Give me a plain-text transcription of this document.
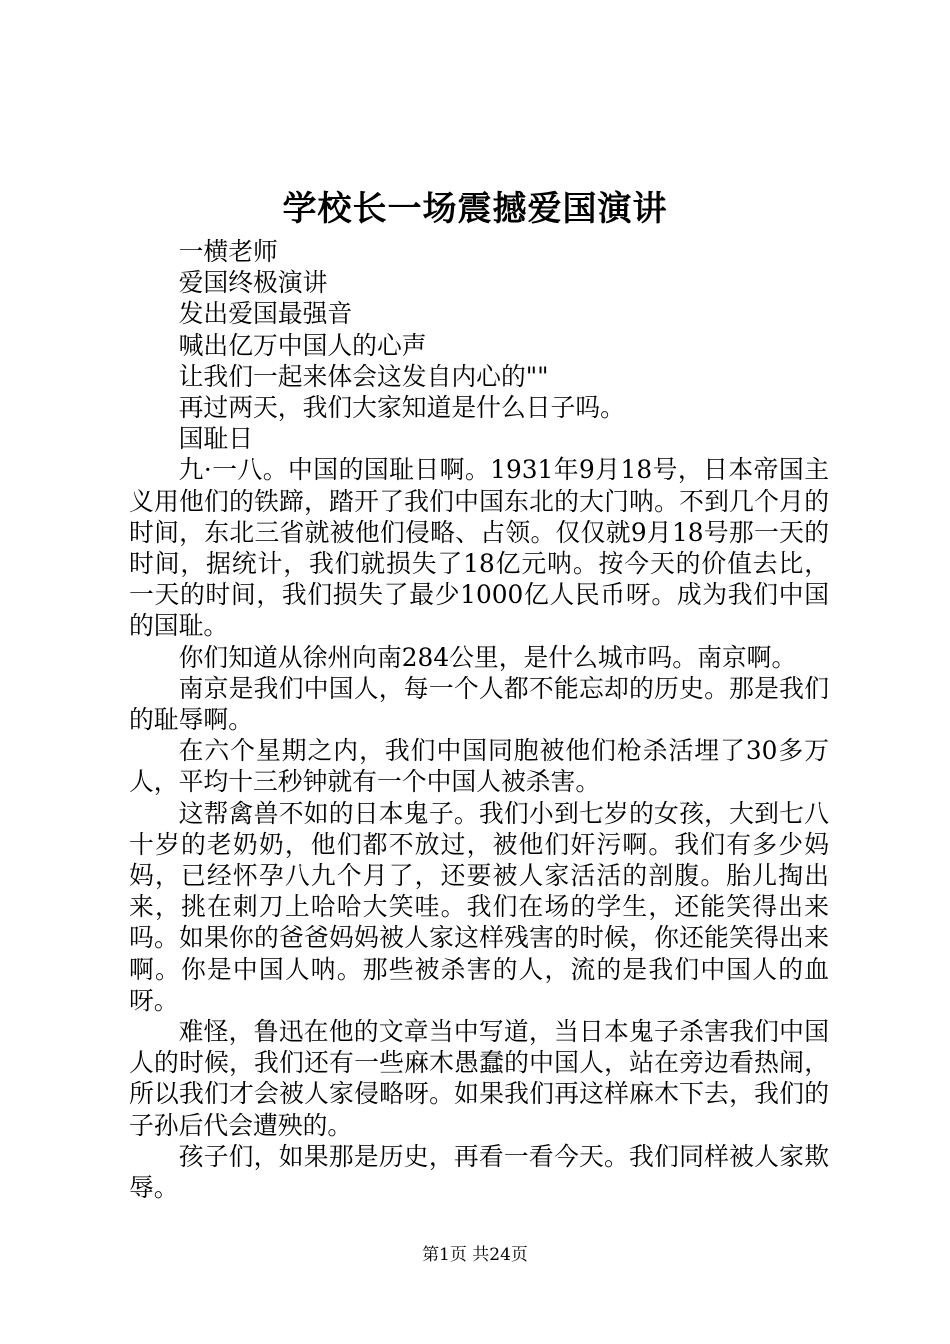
学校长一场震撼爱国演讲

一横老师

爱国终极演讲

发出爱国最强音

喊出亿万中国人的心声

让我们一起来体会这发自内心的""

再过两天，我们大家知道是什么日子吗。

国耻日

九·一八。中国的国耻日啊。1931年9月18号，日本帝国主义用他们的铁蹄，踏开了我们中国东北的大门呐。不到几个月的时间，东北三省就被他们侵略、占领。仅仅就9月18号那一天的时间，据统计，我们就损失了18亿元呐。按今天的价值去比，一天的时间，我们损失了最少1000亿人民币呀。成为我们中国的国耻。

你们知道从徐州向南284公里，是什么城市吗。南京啊。

南京是我们中国人，每一个人都不能忘却的历史。那是我们的耻辱啊。

在六个星期之内，我们中国同胞被他们枪杀活埋了30多万人，平均十三秒钟就有一个中国人被杀害。

这帮禽兽不如的日本鬼子。我们小到七岁的女孩，大到七八十岁的老奶奶，他们都不放过，被他们奸污啊。我们有多少妈妈，已经怀孕八九个月了，还要被人家活活的剖腹。胎儿掏出来，挑在刺刀上哈哈大笑哇。我们在场的学生，还能笑得出来吗。如果你的爸爸妈妈被人家这样残害的时候，你还能笑得出来啊。你是中国人呐。那些被杀害的人，流的是我们中国人的血呀。

难怪，鲁迅在他的文章当中写道，当日本鬼子杀害我们中国人的时候，我们还有一些麻木愚蠢的中国人，站在旁边看热闹，所以我们才会被人家侵略呀。如果我们再这样麻木下去，我们的子孙后代会遭殃的。

孩子们，如果那是历史，再看一看今天。我们同样被人家欺辱。

第1页 共24页
